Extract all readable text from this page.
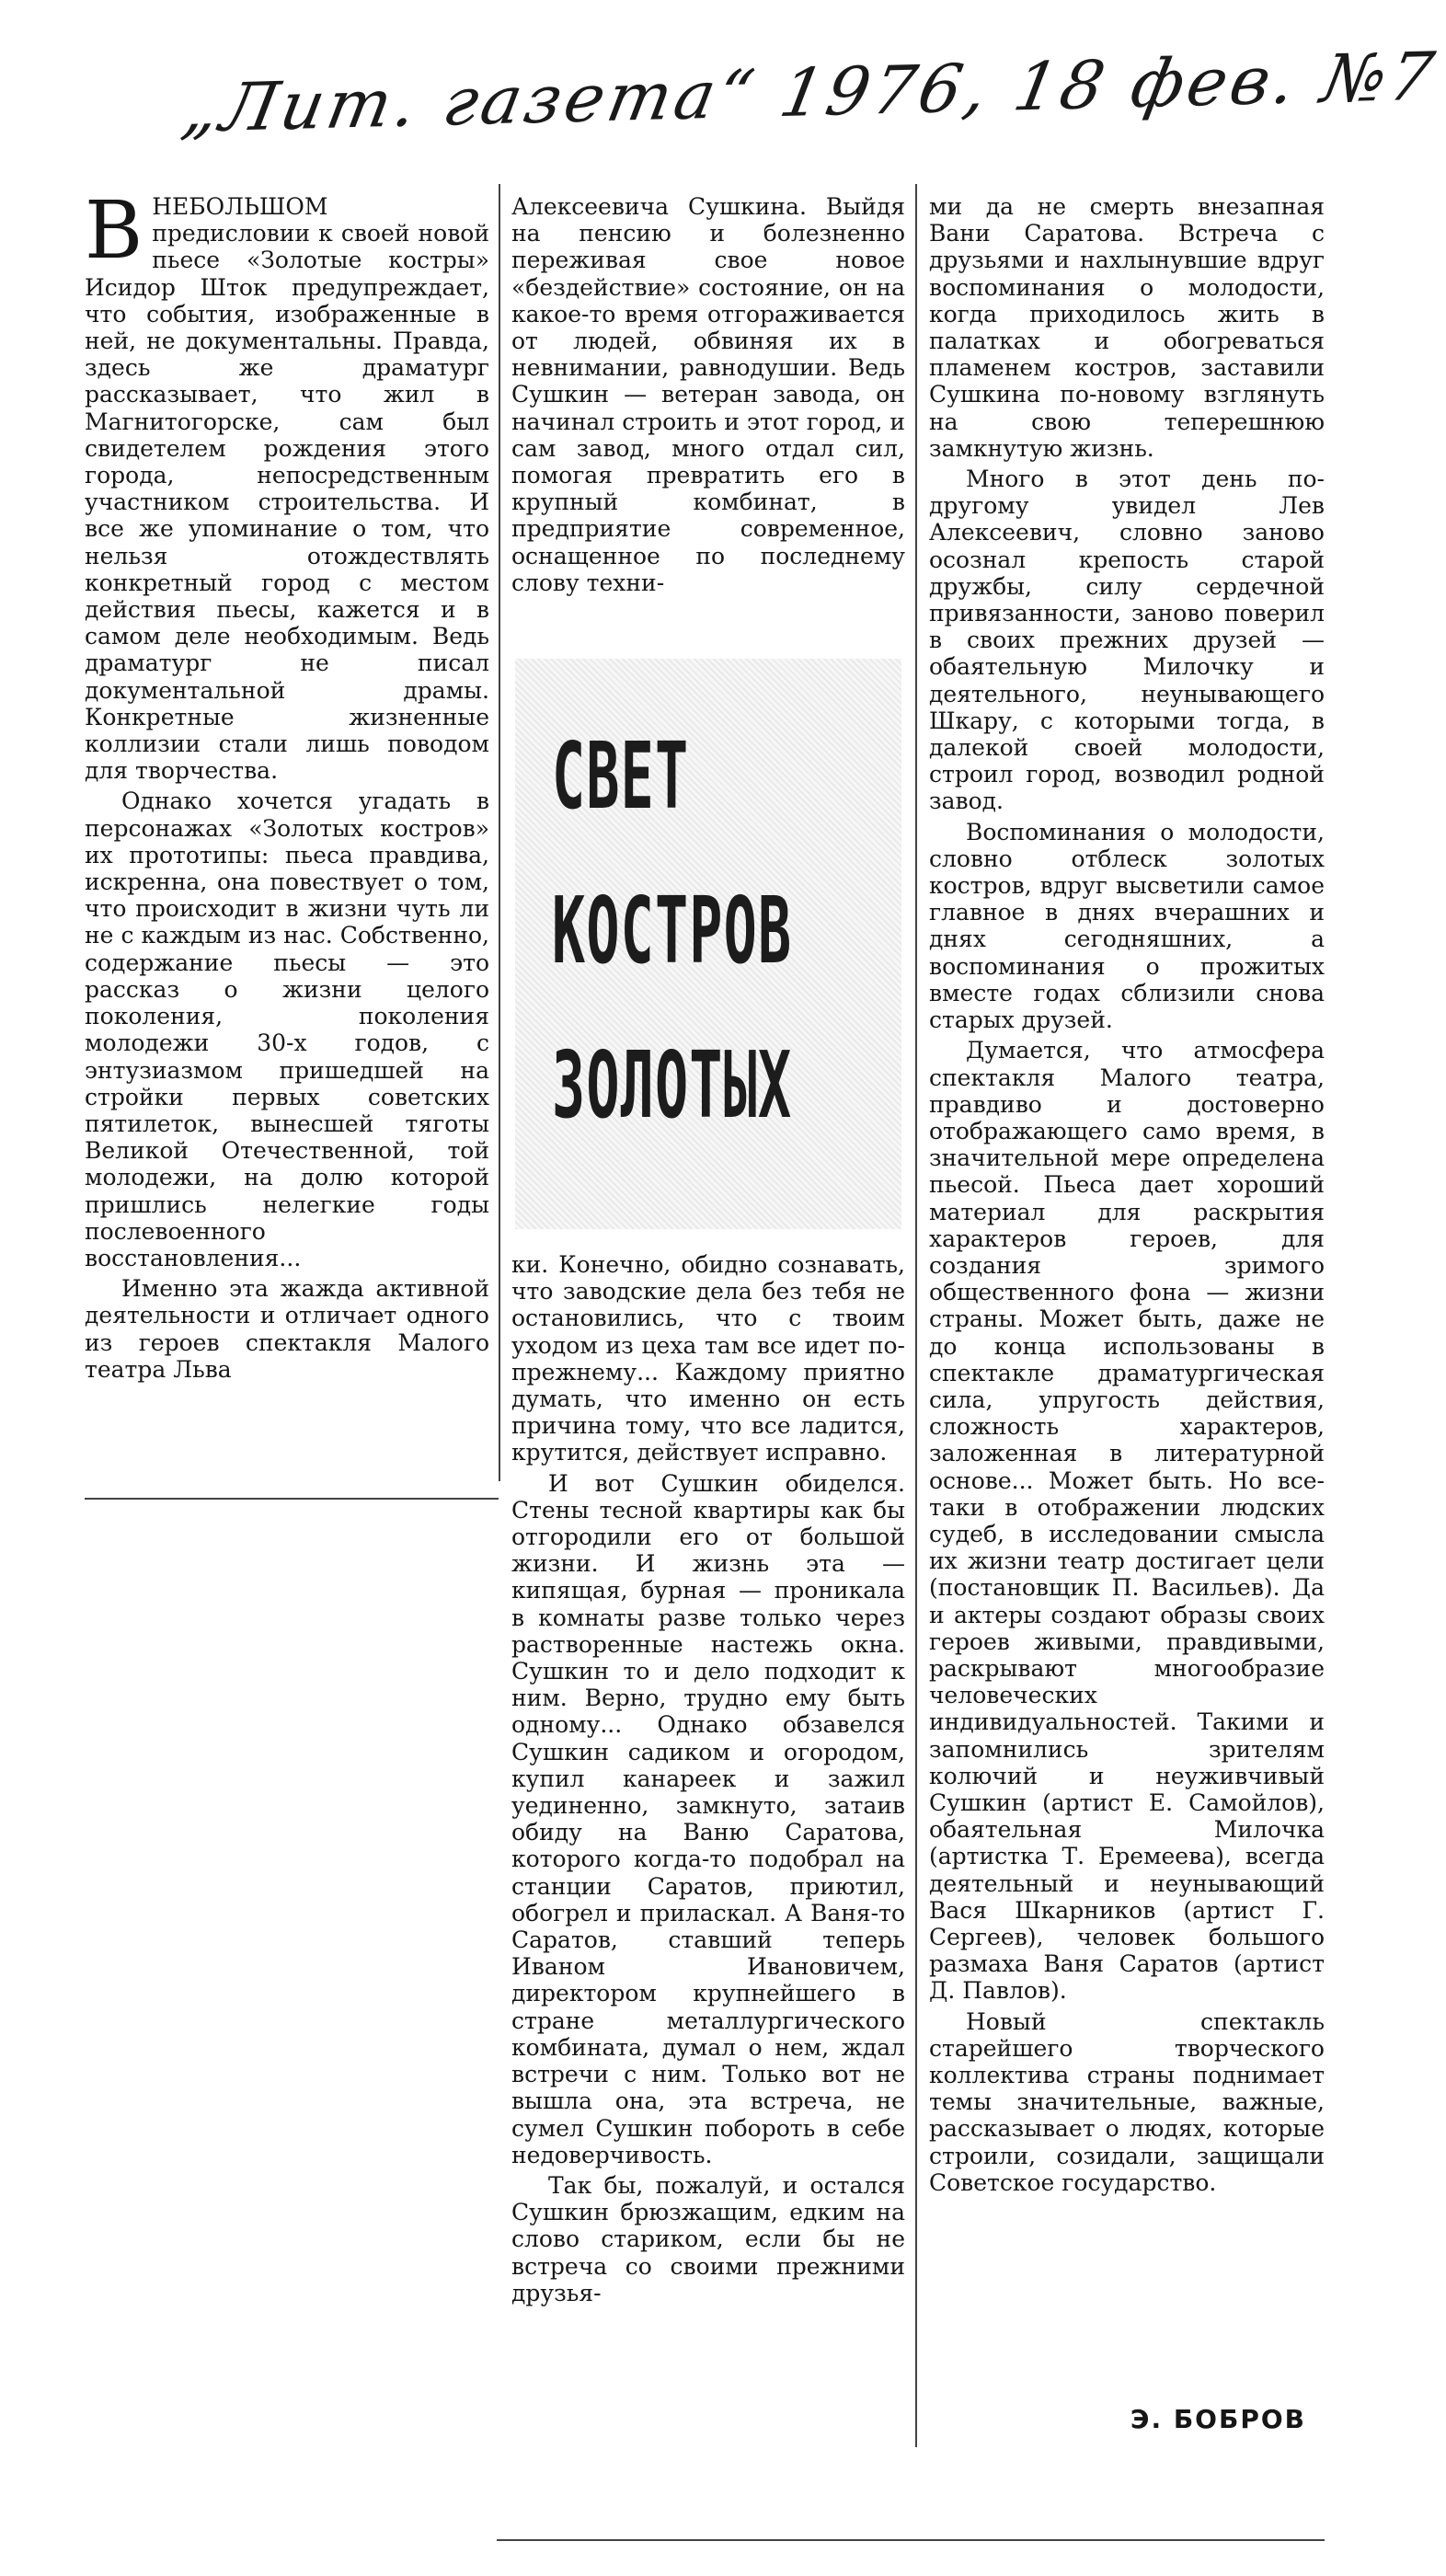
„Лит. газета“ 1976, 18 фев. №7

ВНЕБОЛЬШОМ предисловии к своей новой пьесе «Золотые костры» Исидор Шток предупреждает, что события, изображенные в ней, не документальны. Правда, здесь же драматург рассказывает, что жил в Магнитогорске, сам был свидетелем рождения этого города, непосредственным участником строительства. И все же упоминание о том, что нельзя отождествлять конкретный город с местом действия пьесы, кажется и в самом деле необходимым. Ведь драматург не писал документальной драмы. Конкретные жизненные коллизии стали лишь поводом для творчества.

Однако хочется угадать в персонажах «Золотых костров» их прототипы: пьеса правдива, искренна, она повествует о том, что происходит в жизни чуть ли не с каждым из нас. Собственно, содержание пьесы — это рассказ о жизни целого поколения, поколения молодежи 30-х годов, с энтузиазмом пришедшей на стройки первых советских пятилеток, вынесшей тяготы Великой Отечественной, той молодежи, на долю которой пришлись нелегкие годы послевоенного восстановления...

Именно эта жажда активной деятельности и отличает одного из героев спектакля Малого театра Льва

Алексеевича Сушкина. Выйдя на пенсию и болезненно переживая свое новое «бездействие» состояние, он на какое-то время отгораживается от людей, обвиняя их в невнимании, равнодушии. Ведь Сушкин — ветеран завода, он начинал строить и этот город, и сам завод, много отдал сил, помогая превратить его в крупный комбинат, в предприятие современное, оснащенное по последнему слову техни-

СВЕТ
КОСТРОВ
ЗОЛОТЫХ

ки. Конечно, обидно сознавать, что заводские дела без тебя не остановились, что с твоим уходом из цеха там все идет по-прежнему... Каждому приятно думать, что именно он есть причина тому, что все ладится, крутится, действует исправно.

И вот Сушкин обиделся. Стены тесной квартиры как бы отгородили его от большой жизни. И жизнь эта — кипящая, бурная — проникала в комнаты разве только через растворенные настежь окна. Сушкин то и дело подходит к ним. Верно, трудно ему быть одному... Однако обзавелся Сушкин садиком и огородом, купил канареек и зажил уединенно, замкнуто, затаив обиду на Ваню Саратова, которого когда-то подобрал на станции Саратов, приютил, обогрел и приласкал. А Ваня-то Саратов, ставший теперь Иваном Ивановичем, директором крупнейшего в стране металлургического комбината, думал о нем, ждал встречи с ним. Только вот не вышла она, эта встреча, не сумел Сушкин побороть в себе недоверчивость.

Так бы, пожалуй, и остался Сушкин брюзжащим, едким на слово стариком, если бы не встреча со своими прежними друзья-

ми да не смерть внезапная Вани Саратова. Встреча с друзьями и нахлынувшие вдруг воспоминания о молодости, когда приходилось жить в палатках и обогреваться пламенем костров, заставили Сушкина по-новому взглянуть на свою теперешнюю замкнутую жизнь.

Много в этот день по-другому увидел Лев Алексеевич, словно заново осознал крепость старой дружбы, силу сердечной привязанности, заново поверил в своих прежних друзей — обаятельную Милочку и деятельного, неунывающего Шкару, с которыми тогда, в далекой своей молодости, строил город, возводил родной завод.

Воспоминания о молодости, словно отблеск золотых костров, вдруг высветили самое главное в днях вчерашних и днях сегодняшних, а воспоминания о прожитых вместе годах сблизили снова старых друзей.

Думается, что атмосфера спектакля Малого театра, правдиво и достоверно отображающего само время, в значительной мере определена пьесой. Пьеса дает хороший материал для раскрытия характеров героев, для создания зримого общественного фона — жизни страны. Может быть, даже не до конца использованы в спектакле драматургическая сила, упругость действия, сложность характеров, заложенная в литературной основе... Может быть. Но все-таки в отображении людских судеб, в исследовании смысла их жизни театр достигает цели (постановщик П. Васильев). Да и актеры создают образы своих героев живыми, правдивыми, раскрывают многообразие человеческих индивидуальностей. Такими и запомнились зрителям колючий и неуживчивый Сушкин (артист Е. Самойлов), обаятельная Милочка (артистка Т. Еремеева), всегда деятельный и неунывающий Вася Шкарников (артист Г. Сергеев), человек большого размаха Ваня Саратов (артист Д. Павлов).

Новый спектакль старейшего творческого коллектива страны поднимает темы значительные, важные, рассказывает о людях, которые строили, созидали, защищали Советское государство.

Э. БОБРОВ
